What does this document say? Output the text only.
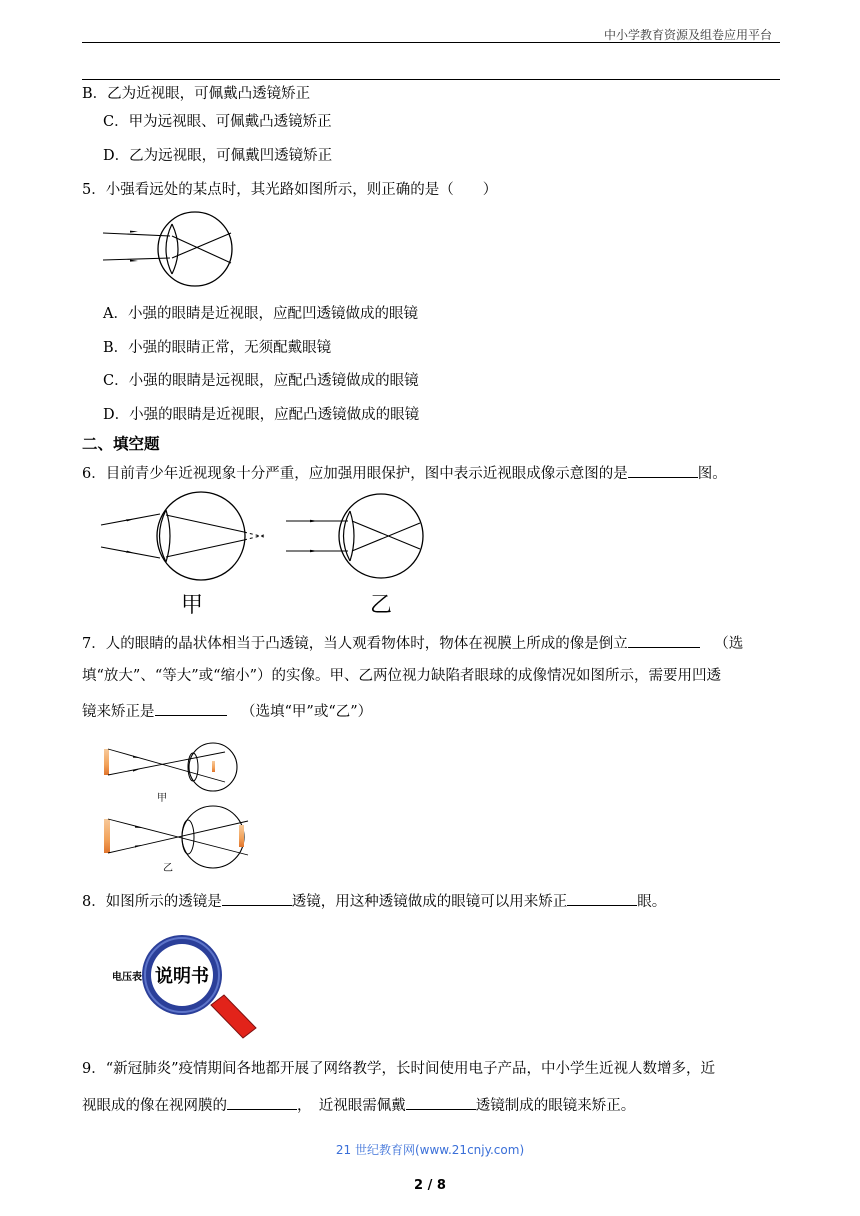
中小学教育资源及组卷应用平台
B．乙为近视眼，可佩戴凸透镜矫正
C．甲为远视眼、可佩戴凸透镜矫正
D．乙为远视眼，可佩戴凹透镜矫正
5．小强看远处的某点时，其光路如图所示，则正确的是（　　）
A．小强的眼睛是近视眼，应配凹透镜做成的眼镜
B．小强的眼睛正常，无须配戴眼镜
C．小强的眼睛是远视眼，应配凸透镜做成的眼镜
D．小强的眼睛是近视眼，应配凸透镜做成的眼镜
二、填空题
6．目前青少年近视现象十分严重，应加强用眼保护，图中表示近视眼成像示意图的是	图。
甲	乙
7．人的眼睛的晶状体相当于凸透镜，当人观看物体时，物体在视膜上所成的像是倒立 	（选
填“放大”、“等大”或“缩小”）的实像。甲、乙两位视力缺陷者眼球的成像情况如图所示，需要用凹透
镜来矫正是 	（选填“甲”或“乙”）
甲
乙
8．如图所示的透镜是	透镜，用这种透镜做成的眼镜可以用来矫正	眼。
电压表 说明书
9．“新冠肺炎”疫情期间各地都开展了网络教学，长时间使用电子产品，中小学生近视人数增多，近
视眼成的像在视网膜的	，　近视眼需佩戴	透镜制成的眼镜来矫正。
21 世纪教育网(www.21cnjy.com)
2 / 8
